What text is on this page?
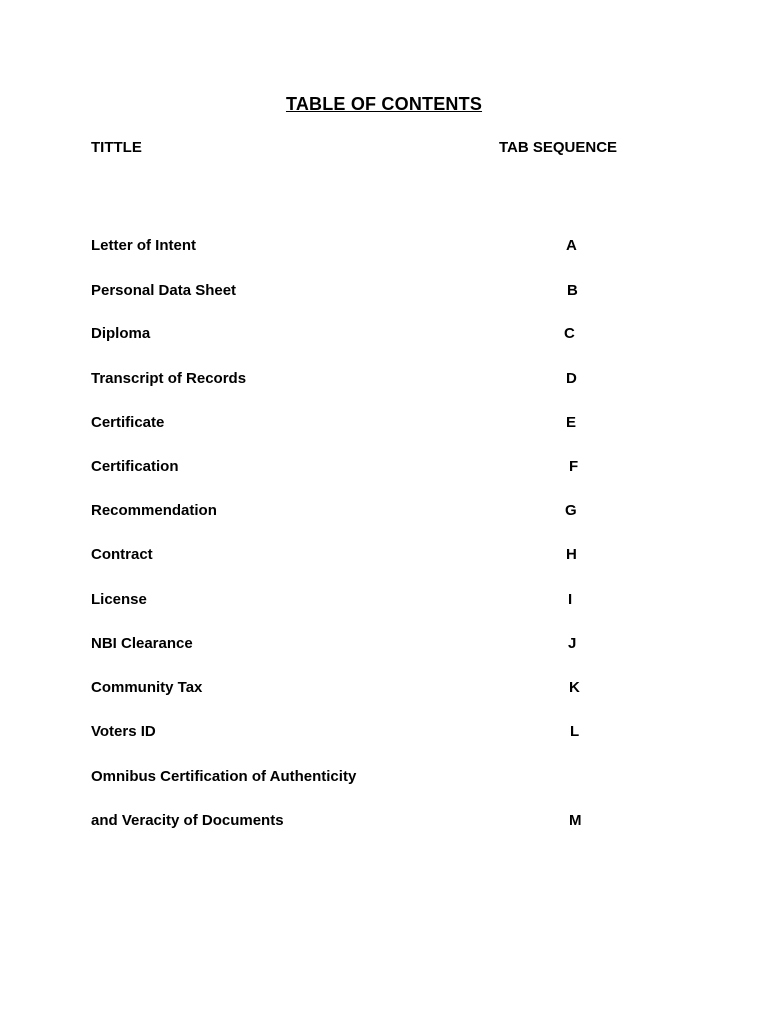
TABLE OF CONTENTS
TITTLE	TAB SEQUENCE
Letter of Intent	A
Personal Data Sheet	B
Diploma	C
Transcript of Records	D
Certificate	E
Certification	F
Recommendation	G
Contract	H
License	I
NBI Clearance	J
Community Tax	K
Voters ID	L
Omnibus Certification of Authenticity
and Veracity of Documents	M
